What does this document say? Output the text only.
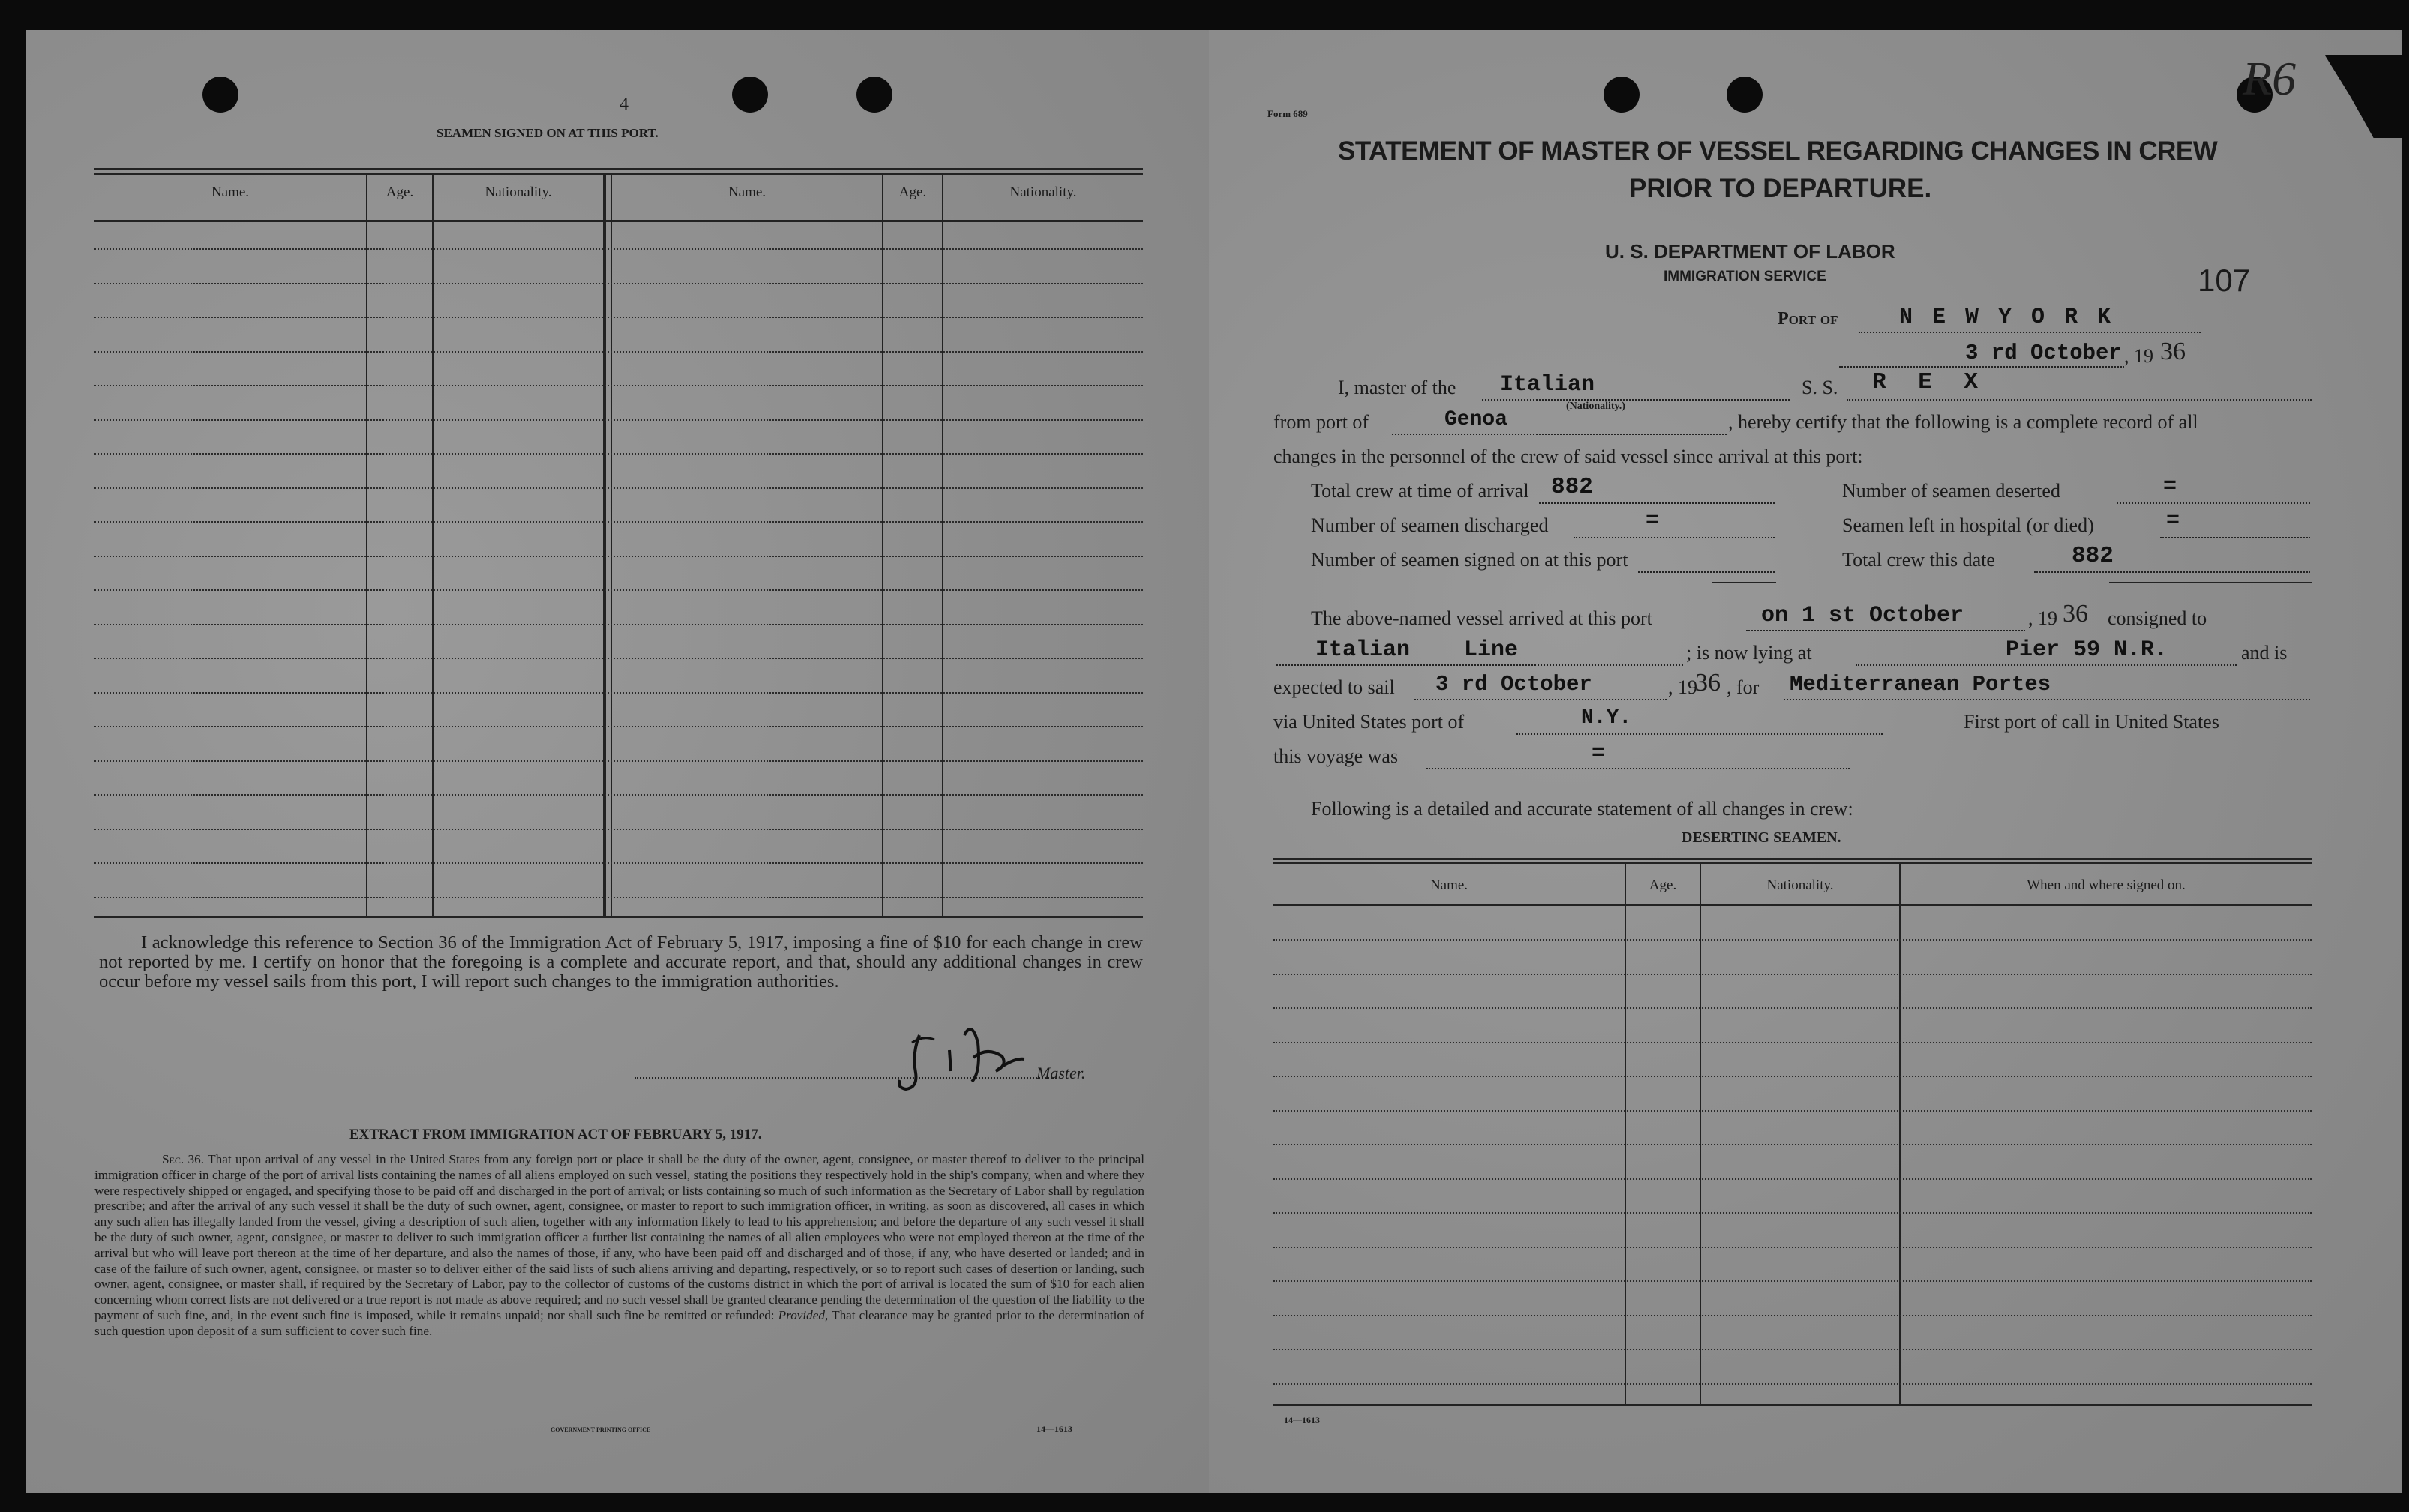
4
SEAMEN SIGNED ON AT THIS PORT.
Name.	Age.	Nationality.	Name.	Age.	Nationality.
I acknowledge this reference to Section 36 of the Immigration Act of February 5, 1917, imposing a fine of $10 for each change in crew not reported by me. I certify on honor that the foregoing is a complete and accurate report, and that, should any additional changes in crew occur before my vessel sails from this port, I will report such changes to the immigration authorities.
Master.
EXTRACT FROM IMMIGRATION ACT OF FEBRUARY 5, 1917.
Sec. 36. That upon arrival of any vessel in the United States from any foreign port or place it shall be the duty of the owner, agent, consignee, or master thereof to deliver to the principal immigration officer in charge of the port of arrival lists containing the names of all aliens employed on such vessel, stating the positions they respectively hold in the ship's company, when and where they were respectively shipped or engaged, and specifying those to be paid off and discharged in the port of arrival; or lists containing so much of such information as the Secretary of Labor shall by regulation prescribe; and after the arrival of any such vessel it shall be the duty of such owner, agent, consignee, or master to report to such immigration officer, in writing, as soon as discovered, all cases in which any such alien has illegally landed from the vessel, giving a description of such alien, together with any information likely to lead to his apprehension; and before the departure of any such vessel it shall be the duty of such owner, agent, consignee, or master to deliver to such immigration officer a further list containing the names of all alien employees who were not employed thereon at the time of the arrival but who will leave port thereon at the time of her departure, and also the names of those, if any, who have been paid off and discharged and of those, if any, who have deserted or landed; and in case of the failure of such owner, agent, consignee, or master so to deliver either of the said lists of such aliens arriving and departing, respectively, or so to report such cases of desertion or landing, such owner, agent, consignee, or master shall, if required by the Secretary of Labor, pay to the collector of customs of the customs district in which the port of arrival is located the sum of $10 for each alien concerning whom correct lists are not delivered or a true report is not made as above required; and no such vessel shall be granted clearance pending the determination of the question of the liability to the payment of such fine, and, in the event such fine is imposed, while it remains unpaid; nor shall such fine be remitted or refunded: Provided, That clearance may be granted prior to the determination of such question upon deposit of a sum sufficient to cover such fine.
GOVERNMENT PRINTING OFFICE	14—1613
Form 689
R6
STATEMENT OF MASTER OF VESSEL REGARDING CHANGES IN CREW
PRIOR TO DEPARTURE.
U. S. DEPARTMENT OF LABOR
IMMIGRATION SERVICE	107
Port of	N E W Y O R K
3 rd October , 19 36
I, master of the Italian
(Nationality.)
S. S. R E X
from port of	Genoa	, hereby certify that the following is a complete record of all
changes in the personnel of the crew of said vessel since arrival at this port:
Total crew at time of arrival 882	Number of seamen deserted	=
Number of seamen discharged	=	Seamen left in hospital (or died)	=
Number of seamen signed on at this port	Total crew this date	882
The above-named vessel arrived at this port	on 1 st October	, 19 36 consigned to
Italian    Line	; is now lying at	Pier 59 N.R.	and is
expected to sail 3 rd October	, 19
36 , for Mediterranean Portes
via United States port of	N.Y.	First port of call in United States
this voyage was	=
Following is a detailed and accurate statement of all changes in crew:
DESERTING SEAMEN.
Name.	Age.	Nationality.	When and where signed on.
14—1613
